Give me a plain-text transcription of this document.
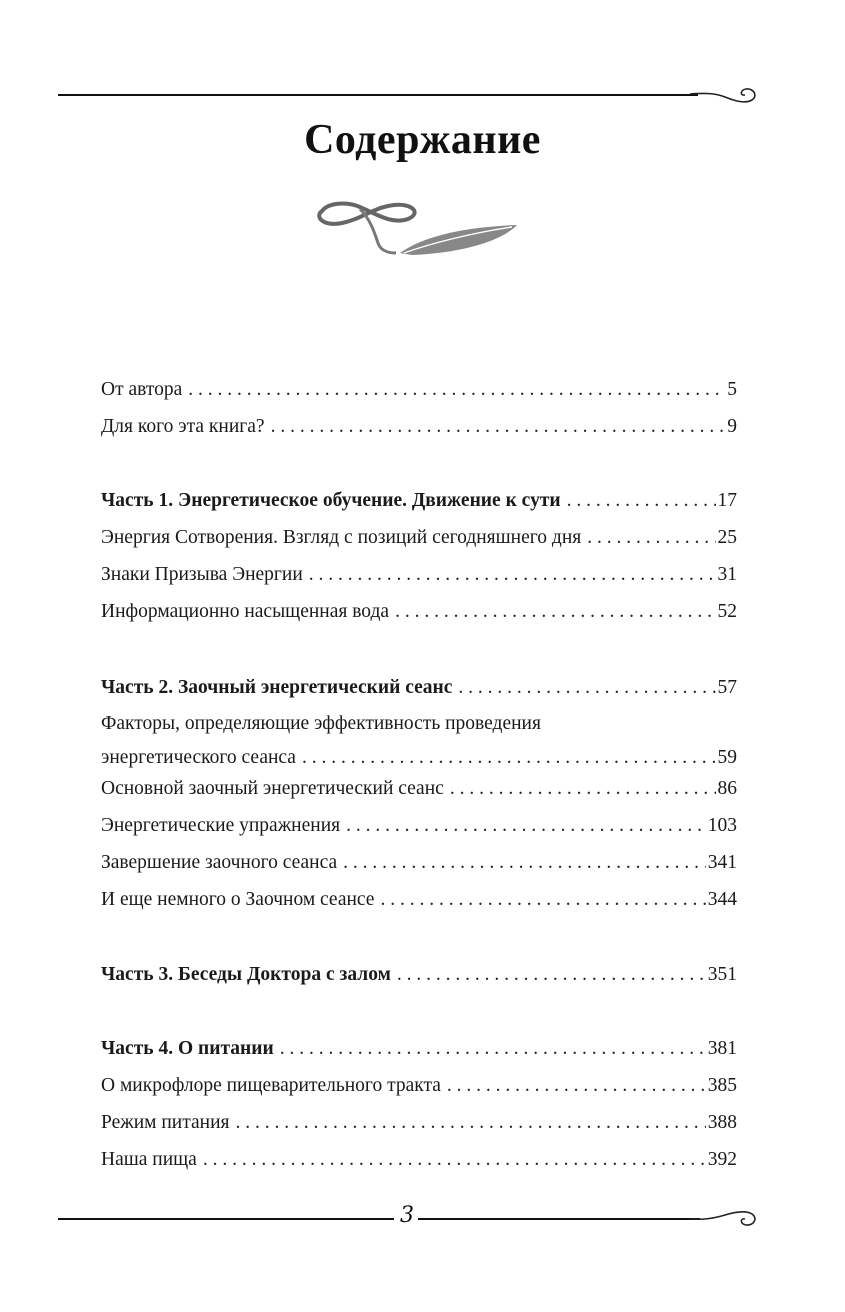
Содержание
От автора . . .	5
Для кого эта книга? . . .	9
Часть 1. Энергетическое обучение. Движение к сути . . .	17
Энергия Сотворения. Взгляд с позиций сегодняшнего дня . . .	25
Знаки Призыва Энергии . . .	31
Информационно насыщенная вода . . .	52
Часть 2. Заочный энергетический сеанс . . .	57
Факторы, определяющие эффективность проведения
энергетического сеанса . . .	59
Основной заочный энергетический сеанс . . .	86
Энергетические упражнения . . .	103
Завершение заочного сеанса . . .	341
И еще немного о Заочном сеансе . . .	344
Часть 3. Беседы Доктора с залом . . .	351
Часть 4. О питании . . .	381
О микрофлоре пищеварительного тракта . . .	385
Режим питания . . .	388
Наша пища . . .	392
3
